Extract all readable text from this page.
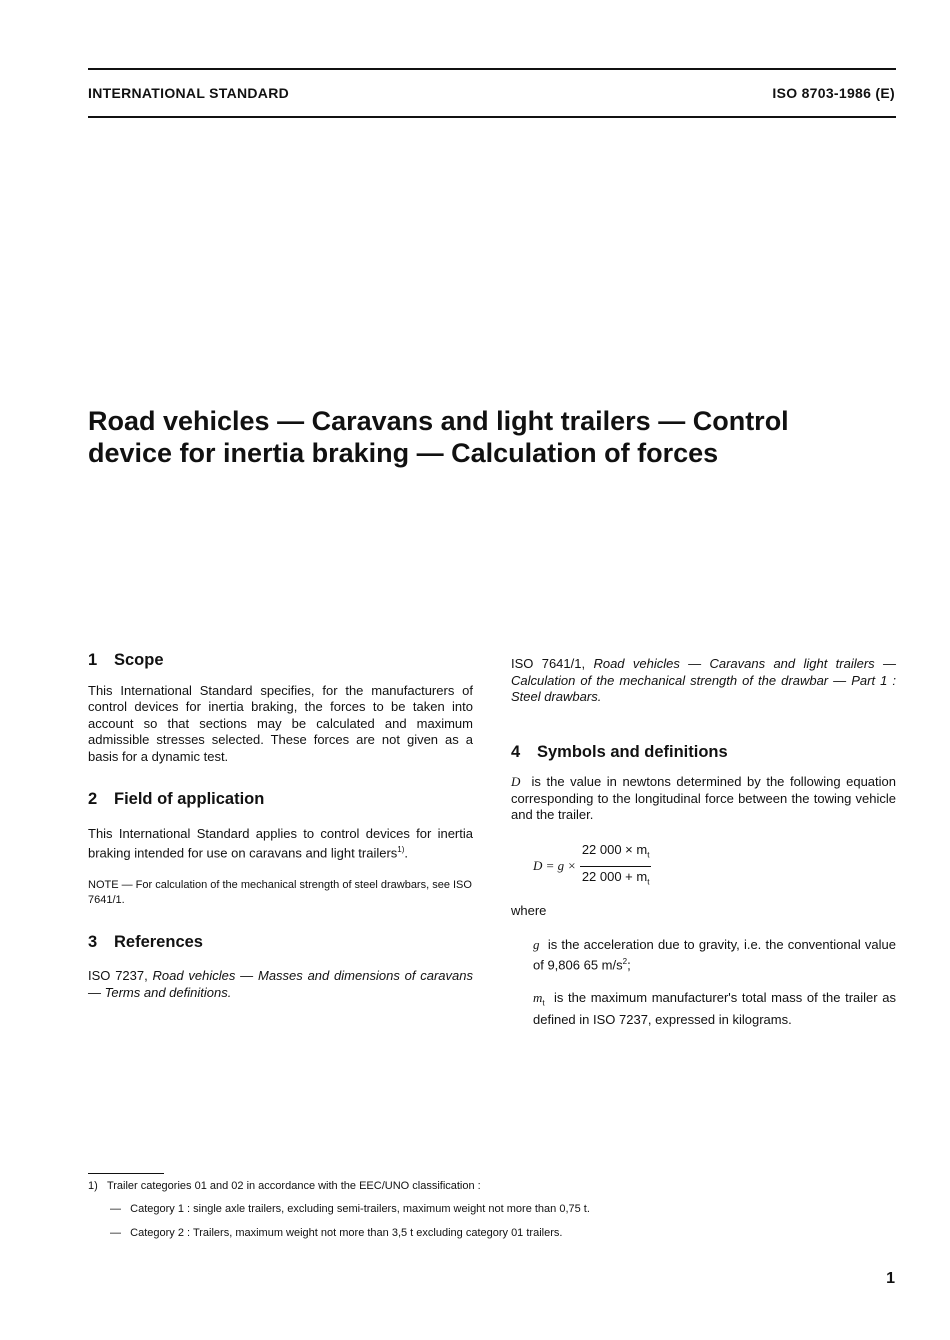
INTERNATIONAL STANDARD	ISO 8703-1986 (E)
Road vehicles — Caravans and light trailers — Control
device for inertia braking — Calculation of forces
1 Scope

This International Standard specifies, for the manufacturers of control devices for inertia braking, the forces to be taken into account so that sections may be calculated and maximum admissible stresses selected. These forces are not given as a basis for a dynamic test.

2 Field of application

This International Standard applies to control devices for inertia braking intended for use on caravans and light trailers$^{1)}$.

NOTE — For calculation of the mechanical strength of steel drawbars, see ISO 7641/1.

3 References

ISO 7237, Road vehicles — Masses and dimensions of caravans — Terms and definitions.

ISO 7641/1, Road vehicles — Caravans and light trailers — Calculation of the mechanical strength of the drawbar — Part 1 : Steel drawbars.

4 Symbols and definitions

D is the value in newtons determined by the following equation corresponding to the longitudinal force between the towing vehicle and the trailer.

$D = g \times \frac{22 000 \times m_t}{22 000 + m_t}$

where

g is the acceleration due to gravity, i.e. the conventional value of 9,806 65 $m/s^2$;

$m_t$ is the maximum manufacturer's total mass of the trailer as defined in ISO 7237, expressed in kilograms.

1) Trailer categories 01 and 02 in accordance with the EEC/UNO classification :
— Category 1 : single axle trailers, excluding semi-trailers, maximum weight not more than 0,75 t.
— Category 2 : Trailers, maximum weight not more than 3,5 t excluding category 01 trailers.
1
